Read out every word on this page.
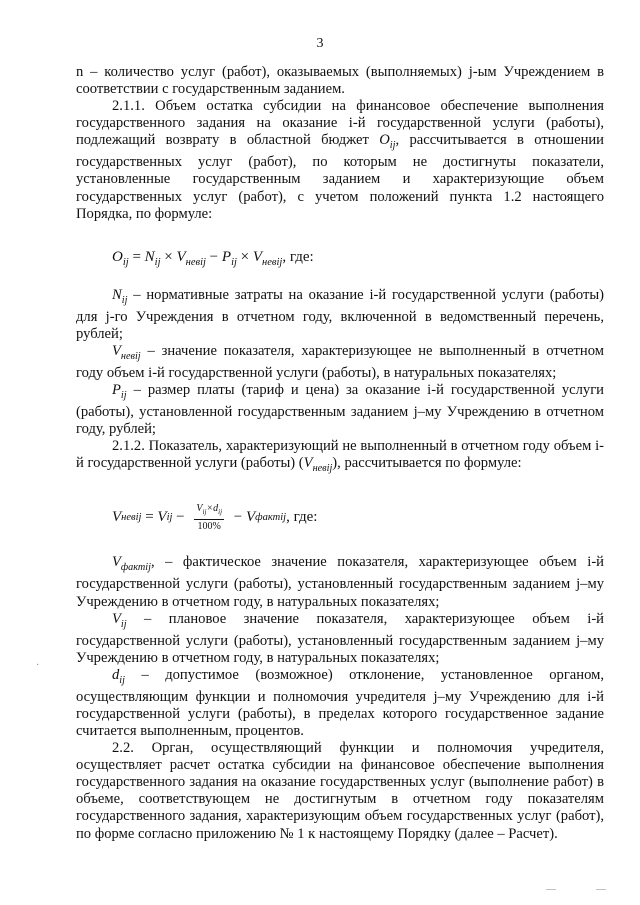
3

n – количество услуг (работ), оказываемых (выполняемых) j-ым Учреждением в соответствии с государственным заданием.

2.1.1. Объем остатка субсидии на финансовое обеспечение выполнения государственного задания на оказание i-й государственной услуги (работы), подлежащий возврату в областной бюджет $O_{ij}$, рассчитывается в отношении государственных услуг (работ), по которым не достигнуты показатели, установленные государственным заданием и характеризующие объем государственных услуг (работ), с учетом положений пункта 1.2 настоящего Порядка, по формуле:

$O_{ij} = N_{ij} \times V_{невij} - P_{ij} \times V_{невij}$, где:

$N_{ij}$ – нормативные затраты на оказание i-й государственной услуги (работы) для j-го Учреждения в отчетном году, включенной в ведомственный перечень, рублей;

$V_{невij}$ – значение показателя, характеризующее не выполненный в отчетном году объем i-й государственной услуги (работы), в натуральных показателях;

$P_{ij}$ – размер платы (тариф и цена) за оказание i-й государственной услуги (работы), установленной государственным заданием j–му Учреждению в отчетном году, рублей;

2.1.2. Показатель, характеризующий не выполненный в отчетном году объем i-й государственной услуги (работы) $(V_{невij})$, рассчитывается по формуле:

V невij = V ij − $\frac{V_{ij}\times d_{ij}}{100\%} - V$ фактij , где:

$V_{фактij}$, – фактическое значение показателя, характеризующее объем i-й государственной услуги (работы), установленный государственным заданием j–му Учреждению в отчетном году, в натуральных показателях;

$V_{ij}$ – плановое значение показателя, характеризующее объем i-й государственной услуги (работы), установленный государственным заданием j–му Учреждению в отчетном году, в натуральных показателях;

$d_{ij}$ – допустимое (возможное) отклонение, установленное органом, осуществляющим функции и полномочия учредителя j–му Учреждению для i-й государственной услуги (работы), в пределах которого государственное задание считается выполненным, процентов.

2.2. Орган, осуществляющий функции и полномочия учредителя, осуществляет расчет остатка субсидии на финансовое обеспечение выполнения государственного задания на оказание государственных услуг (выполнение работ) в объеме, соответствующем не достигнутым в отчетном году показателям государственного задания, характеризующим объем государственных услуг (работ), по форме согласно приложению № 1 к настоящему Порядку (далее – Расчет).

·
—	—
